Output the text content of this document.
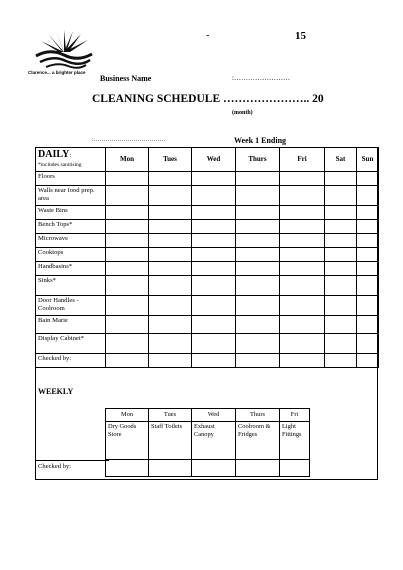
Clarence... a brighter place
-	15
Business Name	:……………………
CLEANING SCHEDULE ………………….. 20
(month)
:………………………………	Week 1 Ending
DAILY:
*includes sanitising	Mon	Tues	Wed	Thurs	Fri	Sat	Sun
Floors							
Walls near food prep. area							
Waste Bins							
Bench Tops*							
Microwave							
Cooktops							
Handbasins*							
Sinks*							
Door Handles - Coolroom							
Bain Marie							
Display Cabinet*							
Checked by:							
WEEKLY
Mon	Tues	Wed	Thurs	Fri
Dry Goods Store	Staff Toilets	Exhaust Canopy	Coolroom & Fridges	Light Fittings

Checked by:
